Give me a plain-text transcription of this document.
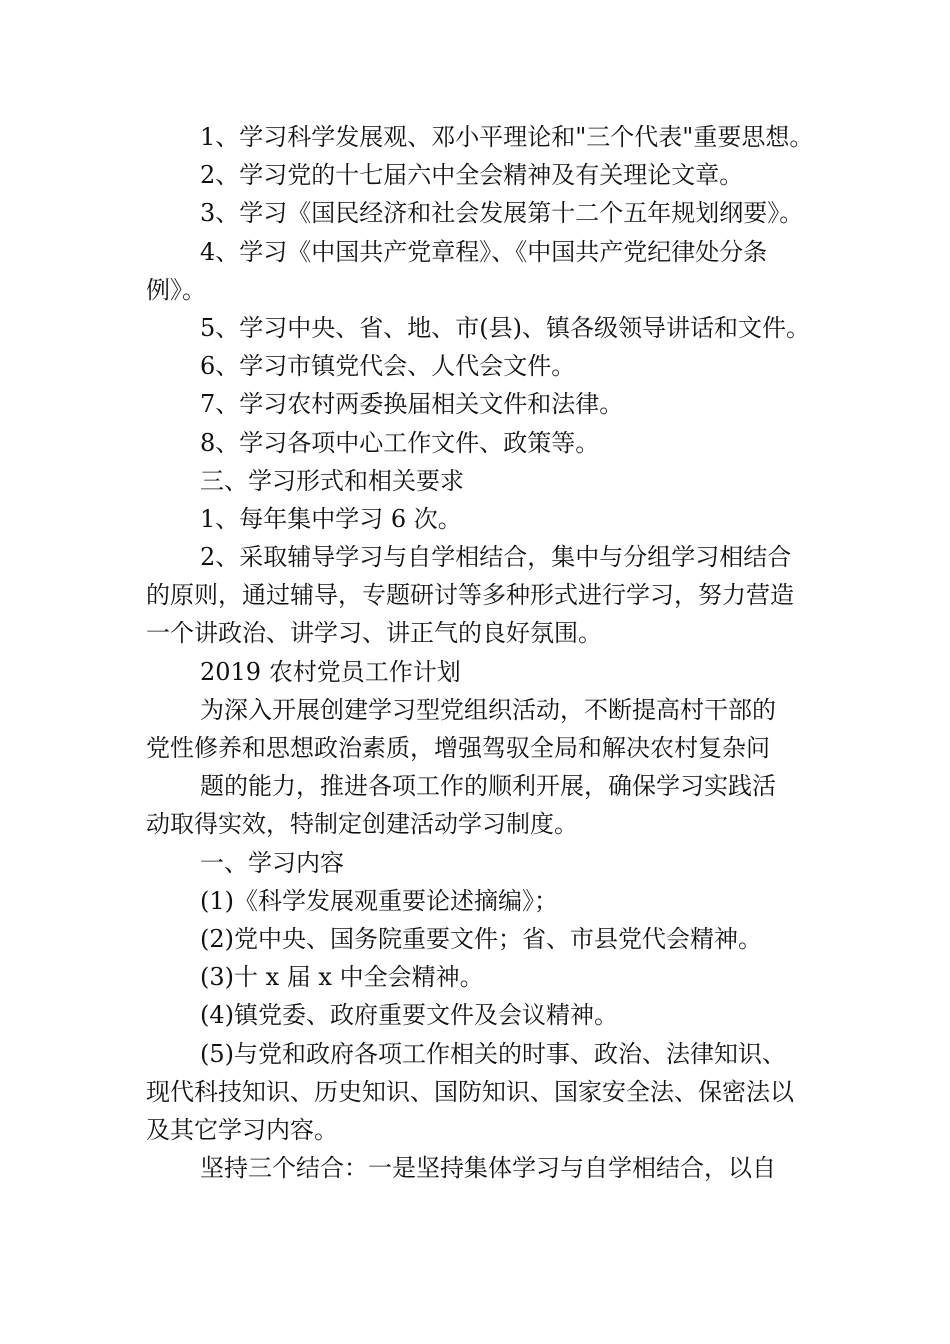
1、学习科学发展观、邓小平理论和"三个代表"重要思想。
2、学习党的十七届六中全会精神及有关理论文章。
3、学习《国民经济和社会发展第十二个五年规划纲要》。
4、学习《中国共产党章程》、《中国共产党纪律处分条
例》。
5、学习中央、省、地、市(县)、镇各级领导讲话和文件。
6、学习市镇党代会、人代会文件。
7、学习农村两委换届相关文件和法律。
8、学习各项中心工作文件、政策等。
三、学习形式和相关要求
1、每年集中学习 6 次。
2、采取辅导学习与自学相结合，集中与分组学习相结合
的原则，通过辅导，专题研讨等多种形式进行学习，努力营造
一个讲政治、讲学习、讲正气的良好氛围。
2019 农村党员工作计划
为深入开展创建学习型党组织活动，不断提高村干部的
党性修养和思想政治素质，增强驾驭全局和解决农村复杂问
题的能力，推进各项工作的顺利开展，确保学习实践活
动取得实效，特制定创建活动学习制度。
一、学习内容
(1)《科学发展观重要论述摘编》；
(2)党中央、国务院重要文件；省、市县党代会精神。
(3)十 x 届 x 中全会精神。
(4)镇党委、政府重要文件及会议精神。
(5)与党和政府各项工作相关的时事、政治、法律知识、
现代科技知识、历史知识、国防知识、国家安全法、保密法以
及其它学习内容。
坚持三个结合：一是坚持集体学习与自学相结合，以自
